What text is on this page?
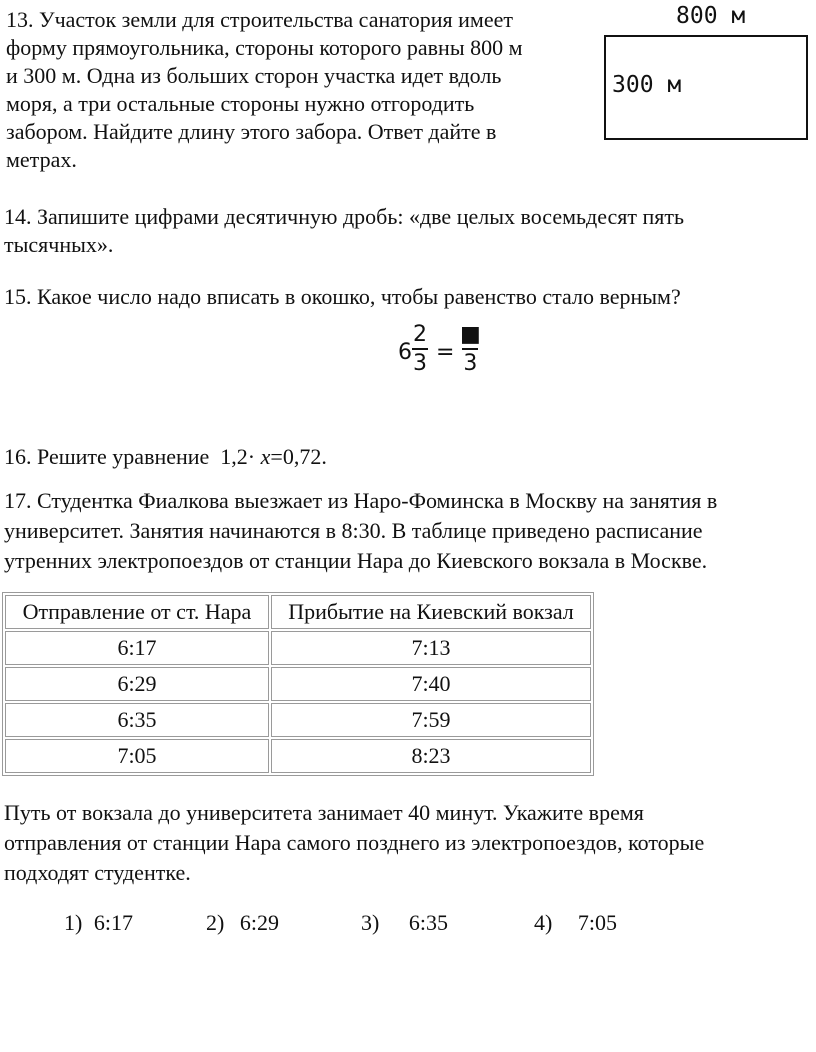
13. Участок земли для строительства санатория имеет
форму прямоугольника, стороны которого равны 800 м
и 300 м. Одна из больших сторон участка идет вдоль
моря, а три остальные стороны нужно отгородить
забором. Найдите длину этого забора. Ответ дайте в
метрах.
800 м
300 м
14. Запишите цифрами десятичную дробь: «две целых восемьдесят пять
тысячных».
15. Какое число надо вписать в окошко, чтобы равенство стало верным?
6
2
3 =
■
3
16. Решите уравнение  1,2· x=0,72.
17. Студентка Фиалкова выезжает из Наро-Фоминска в Москву на занятия в
университет. Занятия начинаются в 8:30. В таблице приведено расписание
утренних электропоездов от станции Нара до Киевского вокзала в Москве.
Отправление от ст. Нара	Прибытие на Киевский вокзал
6:17	7:13
6:29	7:40
6:35	7:59
7:05	8:23
Путь от вокзала до университета занимает 40 минут. Укажите время
отправления от станции Нара самого позднего из электропоездов, которые
подходят студентке.
1) 6:17	2) 6:29	3) 6:35	4) 7:05
